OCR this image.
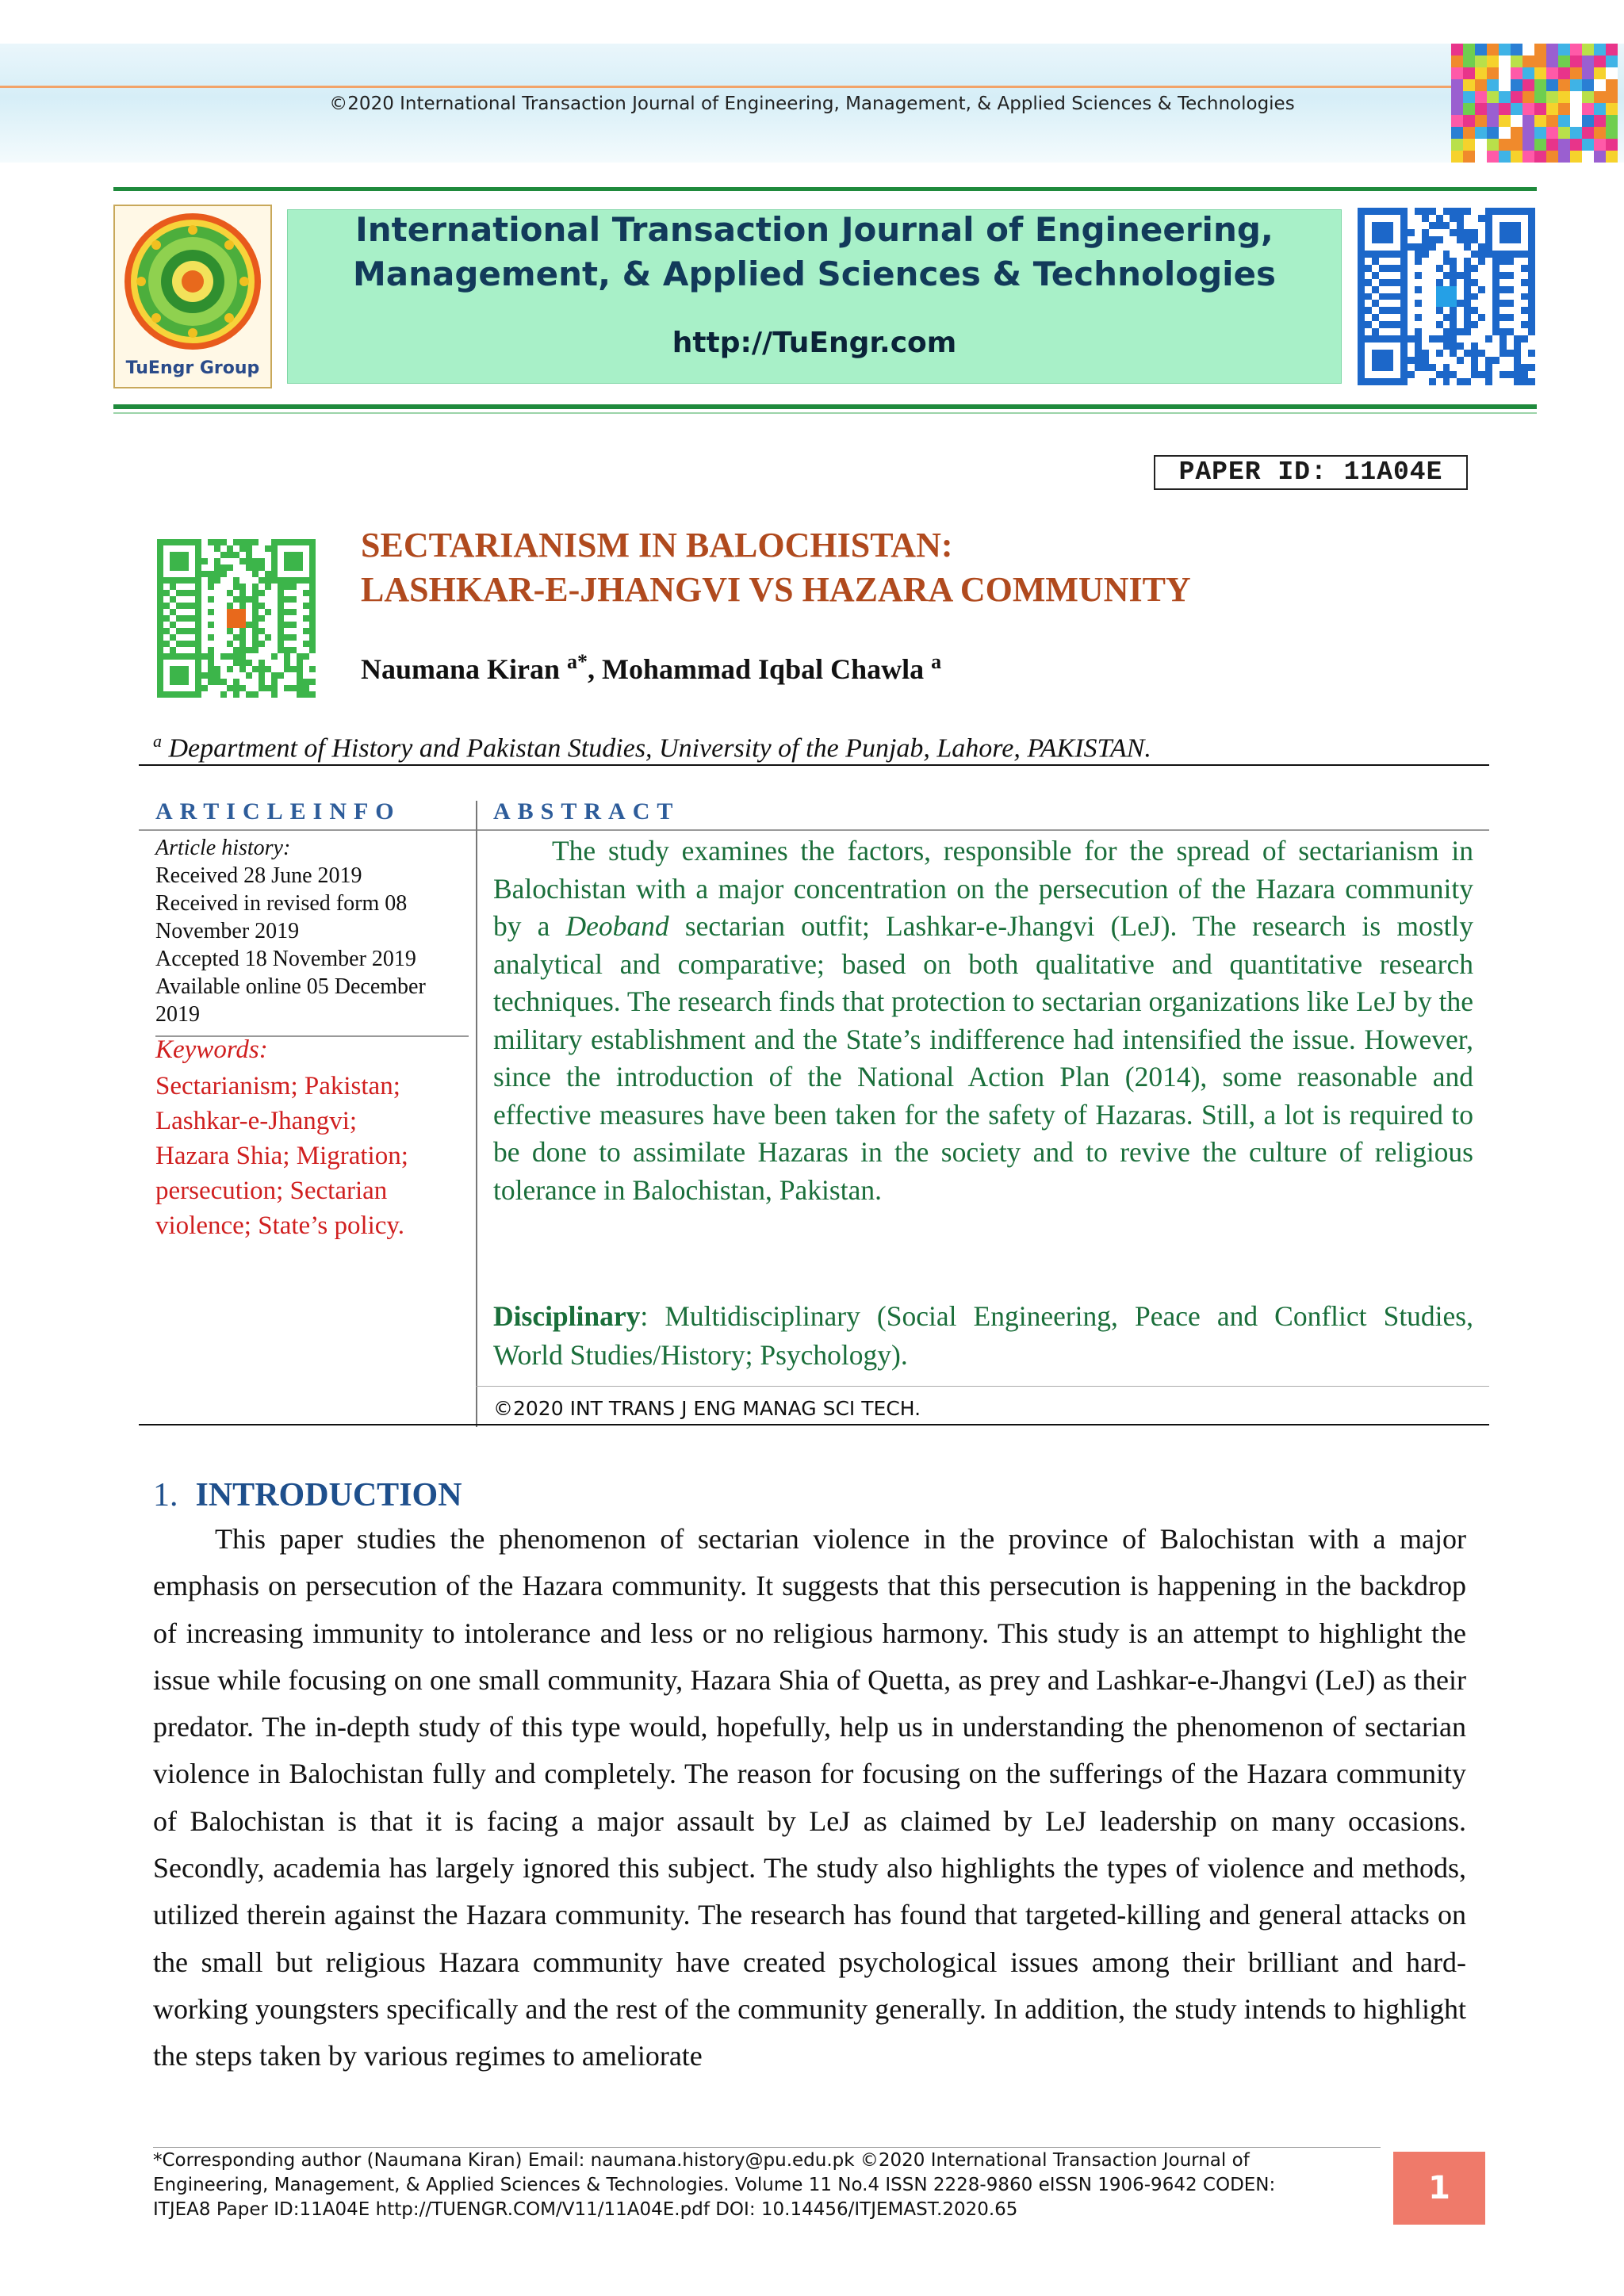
©2020 International Transaction Journal of Engineering, Management, & Applied Sciences & Technologies
TuEngr Group
International Transaction Journal of Engineering,
Management, & Applied Sciences & Technologies
http://TuEngr.com
PAPER ID: 11A04E
SECTARIANISM IN BALOCHISTAN:
LASHKAR-E-JHANGVI VS HAZARA COMMUNITY
Naumana Kiran $^{a*}$, Mohammad Iqbal Chawla $^a$
$^a$ Department of History and Pakistan Studies, University of the Punjab, Lahore, PAKISTAN.
ARTICLEINFO	ABSTRACT
Article history:
Received 28 June 2019
Received in revised form 08
November 2019
Accepted 18 November 2019
Available online 05 December
2019
Keywords:
Sectarianism; Pakistan;
Lashkar-e-Jhangvi;
Hazara Shia; Migration;
persecution; Sectarian
violence; State’s policy.
The study examines the factors, responsible for the spread of sectarianism in Balochistan with a major concentration on the persecution of the Hazara community by a Deoband sectarian outfit; Lashkar-e-Jhangvi (LeJ). The research is mostly analytical and comparative; based on both qualitative and quantitative research techniques. The research finds that protection to sectarian organizations like LeJ by the military establishment and the State’s indifference had intensified the issue. However, since the introduction of the National Action Plan (2014), some reasonable and effective measures have been taken for the safety of Hazaras. Still, a lot is required to be done to assimilate Hazaras in the society and to revive the culture of religious tolerance in Balochistan, Pakistan.
Disciplinary: Multidisciplinary (Social Engineering, Peace and Conflict Studies, World Studies/History; Psychology).
©2020 INT TRANS J ENG MANAG SCI TECH.
1. INTRODUCTION

This paper studies the phenomenon of sectarian violence in the province of Balochistan with a major emphasis on persecution of the Hazara community. It suggests that this persecution is happening in the backdrop of increasing immunity to intolerance and less or no religious harmony. This study is an attempt to highlight the issue while focusing on one small community, Hazara Shia of Quetta, as prey and Lashkar-e-Jhangvi (LeJ) as their predator. The in-depth study of this type would, hopefully, help us in understanding the phenomenon of sectarian violence in Balochistan fully and completely. The reason for focusing on the sufferings of the Hazara community of Balochistan is that it is facing a major assault by LeJ as claimed by LeJ leadership on many occasions. Secondly, academia has largely ignored this subject. The study also highlights the types of violence and methods, utilized therein against the Hazara community. The research has found that targeted-killing and general attacks on the small but religious Hazara community have created psychological issues among their brilliant and hard-working youngsters specifically and the rest of the community generally. In addition, the study intends to highlight the steps taken by various regimes to ameliorate

*Corresponding author (Naumana Kiran) Email: naumana.history@pu.edu.pk ©2020 International Transaction Journal of
Engineering, Management, & Applied Sciences & Technologies. Volume 11 No.4 ISSN 2228-9860 eISSN 1906-9642 CODEN:
ITJEA8 Paper ID:11A04E http://TUENGR.COM/V11/11A04E.pdf DOI: 10.14456/ITJEMAST.2020.65
1
